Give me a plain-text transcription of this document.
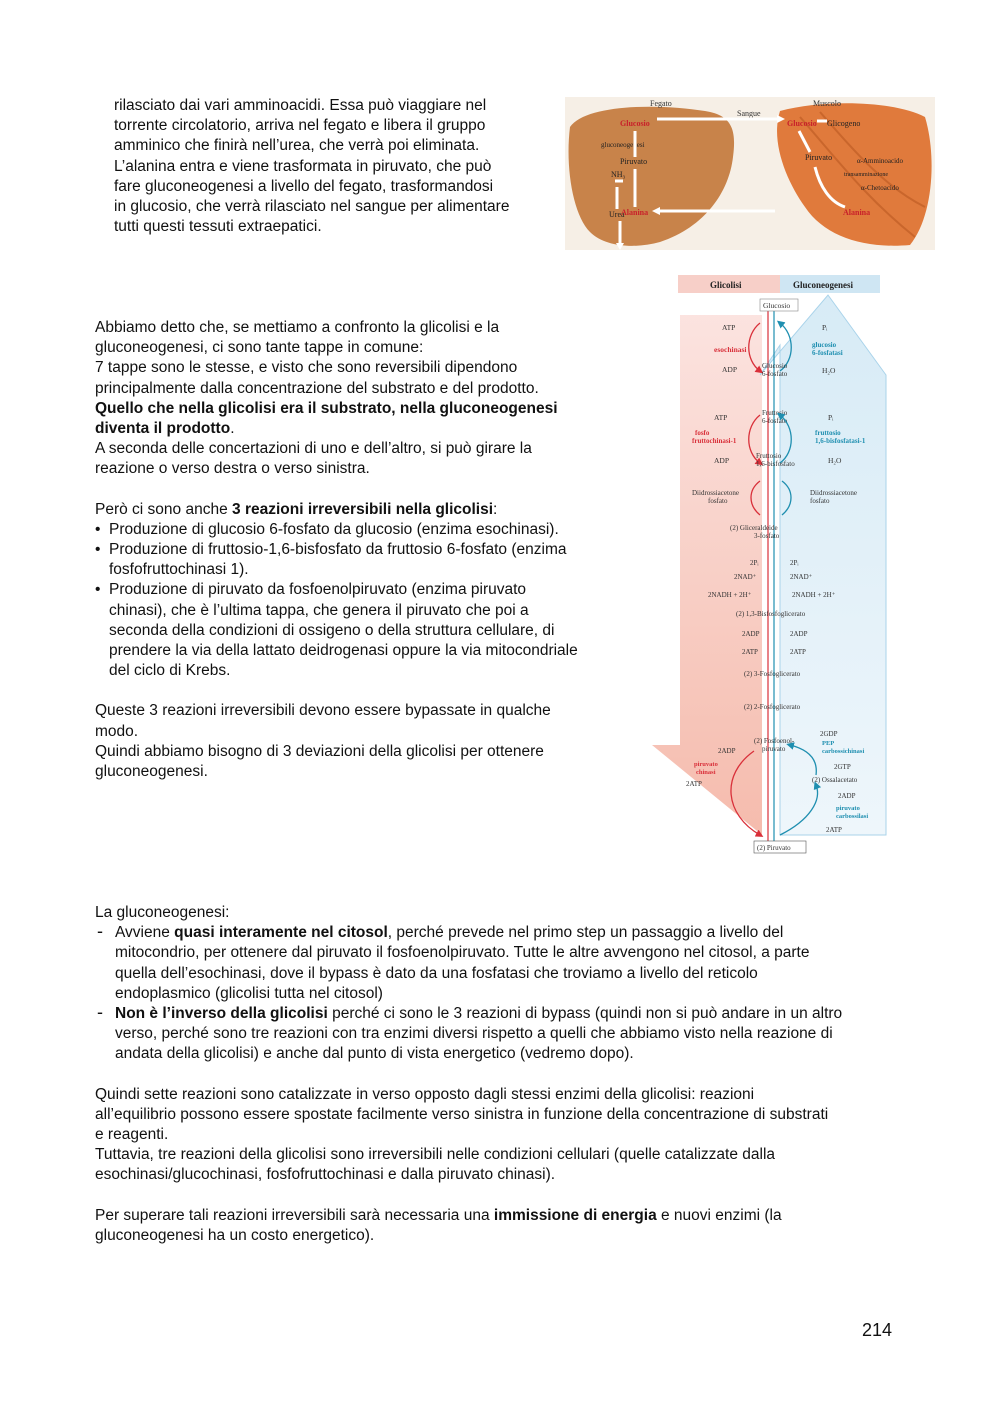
rilasciato dai vari amminoacidi. Essa può viaggiare nel

torrente circolatorio, arriva nel fegato e libera il gruppo

amminico che finirà nell’urea, che verrà poi eliminata.

L’alanina entra e viene trasformata in piruvato, che può

fare gluconeogenesi a livello del fegato, trasformandosi

in glucosio, che verrà rilasciato nel sangue per alimentare

tutti questi tessuti extraepatici.

Fegato
Sangue
Muscolo
Glucosio	Glucosio Glicogeno
gluconeogenesi
Piruvato	Piruvato
NH₃
Urea
Alanina	Alanina
α-Amminoacido
transamminazione
α-Chetoacido

Abbiamo detto che, se mettiamo a confronto la glicolisi e la

gluconeogenesi, ci sono tante tappe in comune:

7 tappe sono le stesse, e visto che sono reversibili dipendono

principalmente dalla concentrazione del substrato e del prodotto.

Quello che nella glicolisi era il substrato, nella gluconeogenesi

diventa il prodotto.

A seconda delle concertazioni di uno e dell’altro, si può girare la

reazione o verso destra o verso sinistra.

Però ci sono anche 3 reazioni irreversibili nella glicolisi:

• Produzione di glucosio 6-fosfato da glucosio (enzima esochinasi).
• Produzione di fruttosio-1,6-bisfosfato da fruttosio 6-fosfato (enzima
fosfofruttochinasi 1).
• Produzione di piruvato da fosfoenolpiruvato (enzima piruvato
chinasi), che è l’ultima tappa, che genera il piruvato che poi a
seconda della condizioni di ossigeno o della struttura cellulare, di
prendere la via della lattato deidrogenasi oppure la via mitocondriale
del ciclo di Krebs.

Queste 3 reazioni irreversibili devono essere bypassate in qualche

modo.

Quindi abbiamo bisogno di 3 deviazioni della glicolisi per ottenere

gluconeogenesi.

Glicolisi	Gluconeogenesi
Glucosio
ATP
esochinasi
ADP
Pᵢ
glucosio 6-fosfatasi
H₂O
Glucosio 6-fosfato
Fruttosio 6-fosfato
ATP
fosfo fruttochinasi-1
ADP
Pᵢ
fruttosio 1,6-bisfosfatasi-1
H₂O
Fruttosio 1,6-bisfosfato
Diidrossiacetone fosfato
Diidrossiacetone fosfato
(2) Gliceraldeide 3-fosfato
2Pᵢ	2Pᵢ
2NAD⁺	2NAD⁺
2NADH + 2H⁺	2NADH + 2H⁺
(2) 1,3-Bisfosfoglicerato
2ADP	2ADP
2ATP	2ATP
(2) 3-Fosfoglicerato
(2) 2-Fosfoglicerato
(2) Fosfoenol-piruvato
2GDP
PEP carbossichinasi
2GTP
(2) Ossalacetato
2ADP
piruvato carbossilasi
2ATP
2ADP
piruvato chinasi
2ATP
(2) Piruvato

La gluconeogenesi:

- Avviene quasi interamente nel citosol, perché prevede nel primo step un passaggio a livello del
mitocondrio, per ottenere dal piruvato il fosfoenolpiruvato. Tutte le altre avvengono nel citosol, a parte
quella dell’esochinasi, dove il bypass è dato da una fosfatasi che troviamo a livello del reticolo
endoplasmico (glicolisi tutta nel citosol)
- Non è l’inverso della glicolisi perché ci sono le 3 reazioni di bypass (quindi non si può andare in un altro
verso, perché sono tre reazioni con tra enzimi diversi rispetto a quelli che abbiamo visto nella reazione di
andata della glicolisi) e anche dal punto di vista energetico (vedremo dopo).

Quindi sette reazioni sono catalizzate in verso opposto dagli stessi enzimi della glicolisi: reazioni

all’equilibrio possono essere spostate facilmente verso sinistra in funzione della concentrazione di substrati

e reagenti.

Tuttavia, tre reazioni della glicolisi sono irreversibili nelle condizioni cellulari (quelle catalizzate dalla

esochinasi/glucochinasi, fosfofruttochinasi e dalla piruvato chinasi).

Per superare tali reazioni irreversibili sarà necessaria una immissione di energia e nuovi enzimi (la

gluconeogenesi ha un costo energetico).

214
